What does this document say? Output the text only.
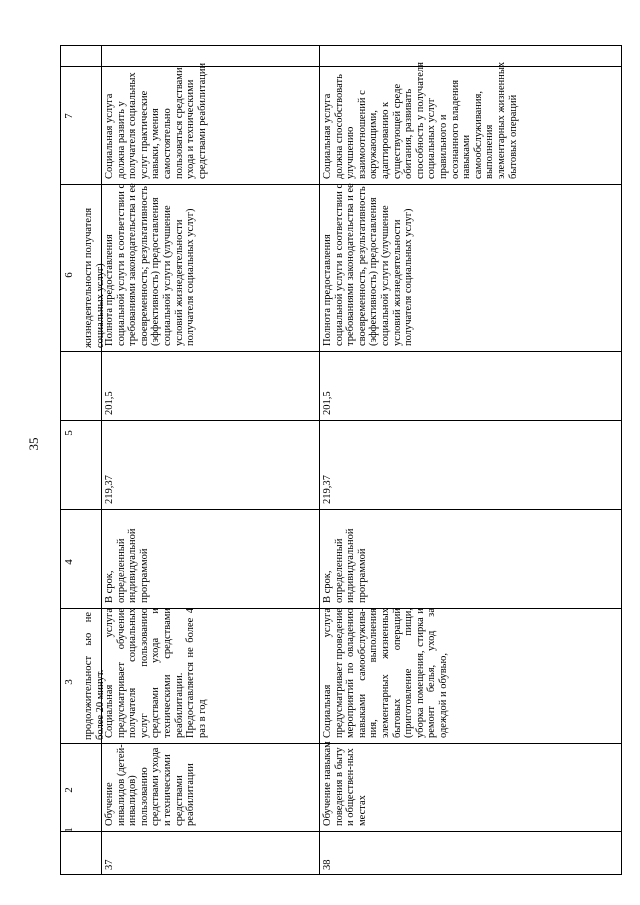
35
7
6
5
4
3
2
1
продолжительност ью не более 20 минут.
жизнедеятельности получателя социальных услуг)
37
Обучение инвалидов (детей-инвалидов) пользованию средствами ухода и техническими средствами реабилитации
Социальная услуга предусматривает обучение получателя социальных услуг пользованию средствами ухода и техническими средствами реабилитации. Предоставляется не более 4 раз в год
В срок, определенный индивидуальной программой
219,37
201,5
Полнота предоставления социальной услуги в соответствии с требованиями законодательства и ее своевременность; результативность (эффективность) предоставления социальной услуги (улучшение условий жизнедеятельности получателя социальных услуг)
Социальная услуга должна развить у получателя социальных услуг практические навыки, умения самостоятельно пользоваться средствами ухода и техническими средствами реабилитации
38
Обучение навыкам поведения в быту и обществен-ных местах
Социальная услуга предусматривает проведение мероприятий по овладению навыками самообслужива-ния, выполнения элементарных жизненных бытовых операций (приготовление пищи, уборка помещения, стирка и ремонт белья, уход за одеждой и обувью,
В срок, определенный индивидуальной программой
219,37
201,5
Полнота предоставления социальной услуги в соответствии с требованиями законодательства и ее своевременность, результативность (эффективность) предоставления социальной услуги (улучшение условий жизнедеятельности получателя социальных услуг)
Социальная услуга должна способствовать улучшению взаимоотношений с окружающими, адаптированию к существующей среде обитания, развивать способность у получателя социальных услуг правильного и осознанного владения навыками самообслуживания, выполнения элементарных жизненных бытовых операций
